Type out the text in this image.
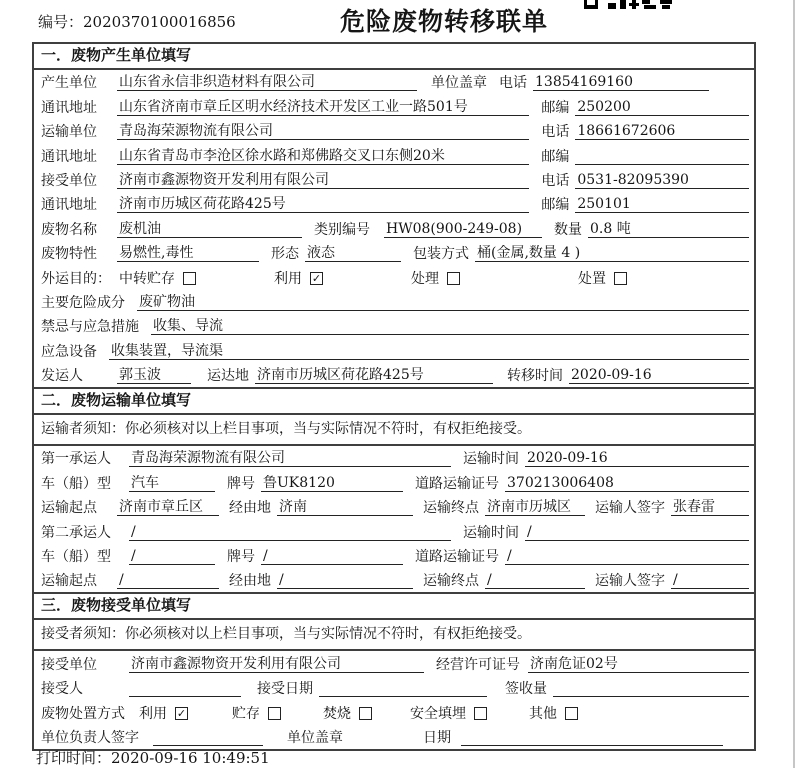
编号：2020370100016856	危险废物转移联单
一．废物产生单位填写
产生单位	山东省永信非织造材料有限公司	单位盖章 电话 13854169160
通讯地址	山东省济南市章丘区明水经济技术开发区工业一路501号	邮编 250200
运输单位	青岛海荣源物流有限公司	电话 18661672606
通讯地址	山东省青岛市李沧区徐水路和郑佛路交叉口东侧20米	邮编
接受单位	济南市鑫源物资开发利用有限公司	电话 0531-82095390
通讯地址	济南市历城区荷花路425号	邮编 250101
废物名称	废机油	类别编号	HW08(900-249-08)	数量 0.8 吨
废物特性	易燃性,毒性	形态 液态	包装方式 桶(金属,数量 4 )
外运目的： 中转贮存	利用 ✓	处理	处置
主要危险成分 废矿物油
禁忌与应急措施 收集、导流
应急设备 收集装置，导流渠
发运人	郭玉波	运达地 济南市历城区荷花路425号	转移时间 2020-09-16
二．废物运输单位填写
运输者须知：你必须核对以上栏目事项，当与实际情况不符时，有权拒绝接受。
第一承运人	青岛海荣源物流有限公司	运输时间 2020-09-16
车（船）型	汽车	牌号 鲁UK8120	道路运输证号 370213006408
运输起点	济南市章丘区	经由地 济南	运输终点 济南市历城区	运输人签字 张春雷
第二承运人	/	运输时间 /
车（船）型	/	牌号 /	道路运输证号 /
运输起点	/	经由地 /	运输终点 /	运输人签字 /
三．废物接受单位填写
接受者须知：你必须核对以上栏目事项，当与实际情况不符时，有权拒绝接受。
接受单位	济南市鑫源物资开发利用有限公司	经营许可证号 济南危证02号
接受人	接受日期	签收量
废物处置方式 利用 ✓	贮存	焚烧	安全填埋	其他
单位负责人签字	单位盖章	日期
打印时间：2020-09-16 10:49:51
